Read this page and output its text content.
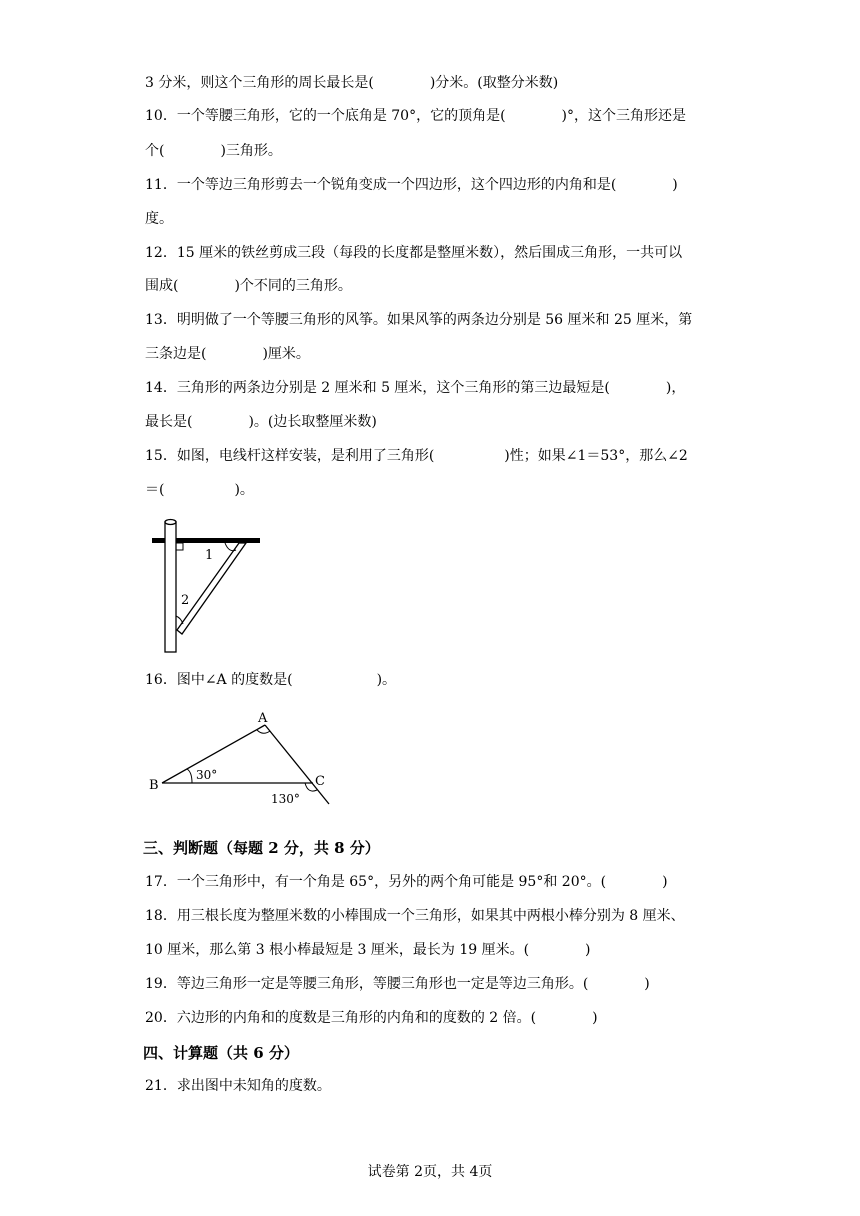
3 分米，则这个三角形的周长最长是(　　　　)分米。(取整分米数)
10．一个等腰三角形，它的一个底角是 70°，它的顶角是(　　　　)°，这个三角形还是
个(　　　　)三角形。
11．一个等边三角形剪去一个锐角变成一个四边形，这个四边形的内角和是(　　　　)
度。
12．15 厘米的铁丝剪成三段（每段的长度都是整厘米数），然后围成三角形，一共可以
围成(　　　　)个不同的三角形。
13．明明做了一个等腰三角形的风筝。如果风筝的两条边分别是 56 厘米和 25 厘米，第
三条边是(　　　　)厘米。
14．三角形的两条边分别是 2 厘米和 5 厘米，这个三角形的第三边最短是(　　　　)，
最长是(　　　　)。(边长取整厘米数)
15．如图，电线杆这样安装，是利用了三角形(　　　　　)性；如果∠1＝53°，那么∠2
＝(　　　　　)。
1
2
16．图中∠A 的度数是(　　　　　　)。
A
B	C
30°
130°
三、判断题（每题 2 分，共 8 分）
17．一个三角形中，有一个角是 65°，另外的两个角可能是 95°和 20°。(　　　　)
18．用三根长度为整厘米数的小棒围成一个三角形，如果其中两根小棒分别为 8 厘米、
10 厘米，那么第 3 根小棒最短是 3 厘米，最长为 19 厘米。(　　　　)
19．等边三角形一定是等腰三角形，等腰三角形也一定是等边三角形。(　　　　)
20．六边形的内角和的度数是三角形的内角和的度数的 2 倍。(　　　　)
四、计算题（共 6 分）
21．求出图中未知角的度数。
试卷第 2页，共 4页
